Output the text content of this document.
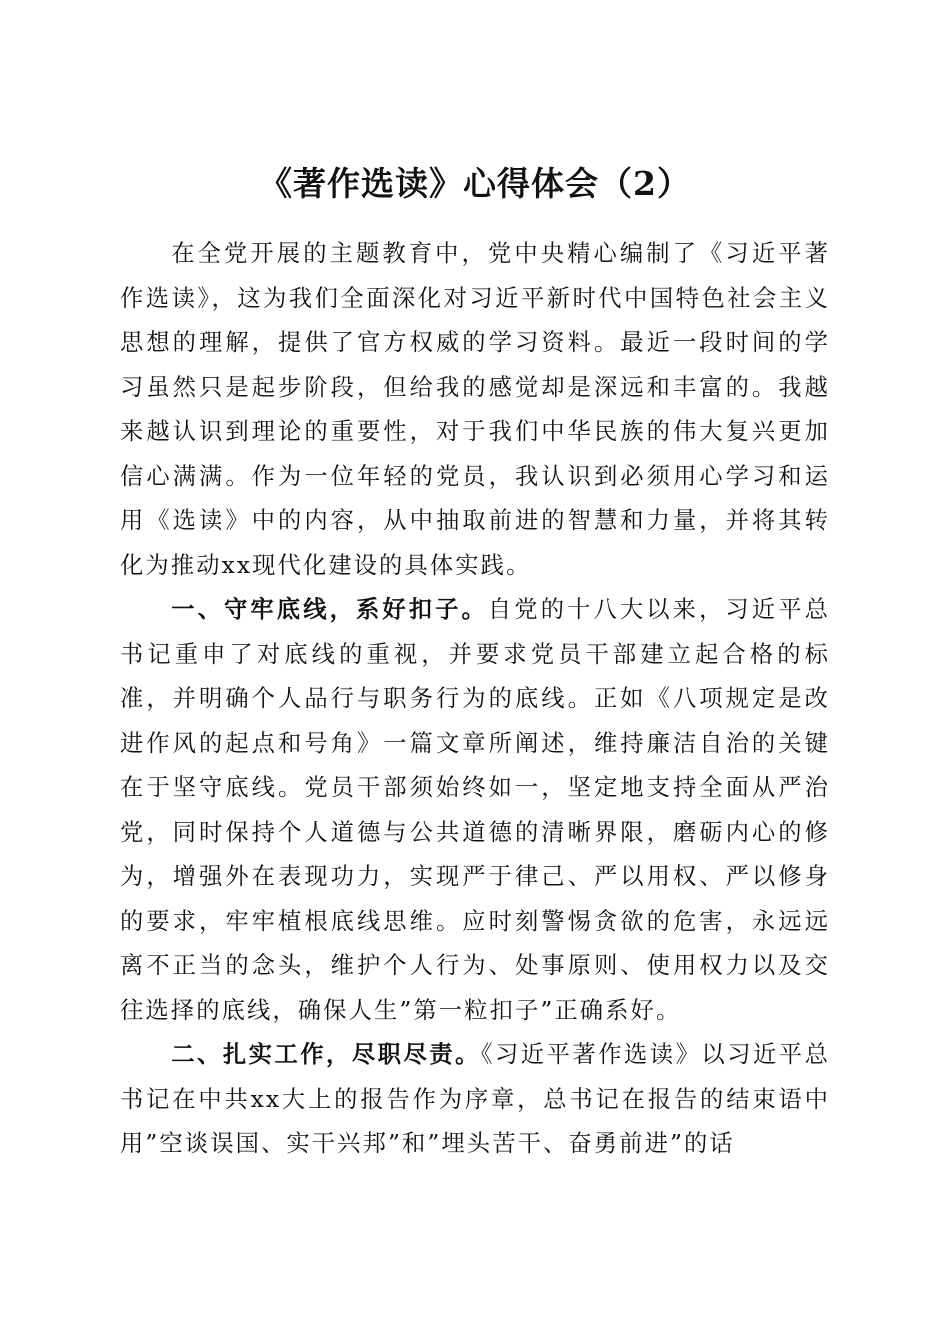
《著作选读》心得体会（2）

在全党开展的主题教育中，党中央精心编制了《习近平著作选读》，这为我们全面深化对习近平新时代中国特色社会主义思想的理解，提供了官方权威的学习资料。最近一段时间的学习虽然只是起步阶段，但给我的感觉却是深远和丰富的。我越来越认识到理论的重要性，对于我们中华民族的伟大复兴更加信心满满。作为一位年轻的党员，我认识到必须用心学习和运用《选读》中的内容，从中抽取前进的智慧和力量，并将其转化为推动xx现代化建设的具体实践。

一、守牢底线，系好扣子。自党的十八大以来，习近平总书记重申了对底线的重视，并要求党员干部建立起合格的标准，并明确个人品行与职务行为的底线。正如《八项规定是改进作风的起点和号角》一篇文章所阐述，维持廉洁自治的关键在于坚守底线。党员干部须始终如一，坚定地支持全面从严治党，同时保持个人道德与公共道德的清晰界限，磨砺内心的修为，增强外在表现功力，实现严于律己、严以用权、严以修身的要求，牢牢植根底线思维。应时刻警惕贪欲的危害，永远远离不正当的念头，维护个人行为、处事原则、使用权力以及交往选择的底线，确保人生”第一粒扣子”正确系好。

二、扎实工作，尽职尽责。《习近平著作选读》以习近平总书记在中共xx大上的报告作为序章，总书记在报告的结束语中用”空谈误国、实干兴邦”和”埋头苦干、奋勇前进”的话
